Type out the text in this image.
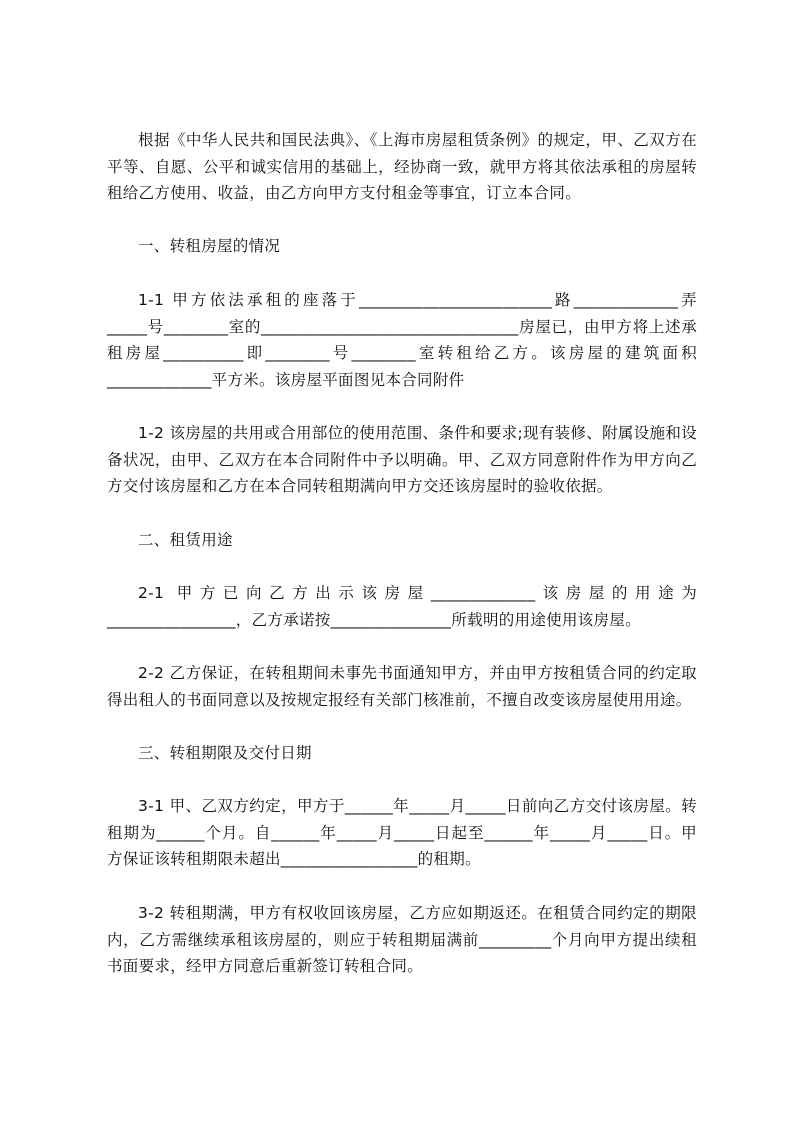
根据《中华人民共和国民法典》、《上海市房屋租赁条例》的规定，甲、乙双方在平等、自愿、公平和诚实信用的基础上，经协商一致，就甲方将其依法承租的房屋转租给乙方使用、收益，由乙方向甲方支付租金等事宜，订立本合同。

一、转租房屋的情况

1-1 甲方依法承租的座落于________________________路_____________弄_____号________室的________________________________房屋已，由甲方将上述承租房屋__________即________号________室转租给乙方。该房屋的建筑面积_____________平方米。该房屋平面图见本合同附件

1-2 该房屋的共用或合用部位的使用范围、条件和要求;现有装修、附属设施和设备状况，由甲、乙双方在本合同附件中予以明确。甲、乙双方同意附件作为甲方向乙方交付该房屋和乙方在本合同转租期满向甲方交还该房屋时的验收依据。

二、租赁用途

2-1 甲方已向乙方出示该房屋_____________该房屋的用途为________________，乙方承诺按_______________所载明的用途使用该房屋。

2-2 乙方保证，在转租期间未事先书面通知甲方，并由甲方按租赁合同的约定取得出租人的书面同意以及按规定报经有关部门核准前，不擅自改变该房屋使用用途。

三、转租期限及交付日期

3-1 甲、乙双方约定，甲方于______年_____月_____日前向乙方交付该房屋。转租期为______个月。自______年_____月_____日起至______年_____月_____日。甲方保证该转租期限未超出_________________的租期。

3-2 转租期满，甲方有权收回该房屋，乙方应如期返还。在租赁合同约定的期限内，乙方需继续承租该房屋的，则应于转租期届满前_________个月向甲方提出续租书面要求，经甲方同意后重新签订转租合同。
